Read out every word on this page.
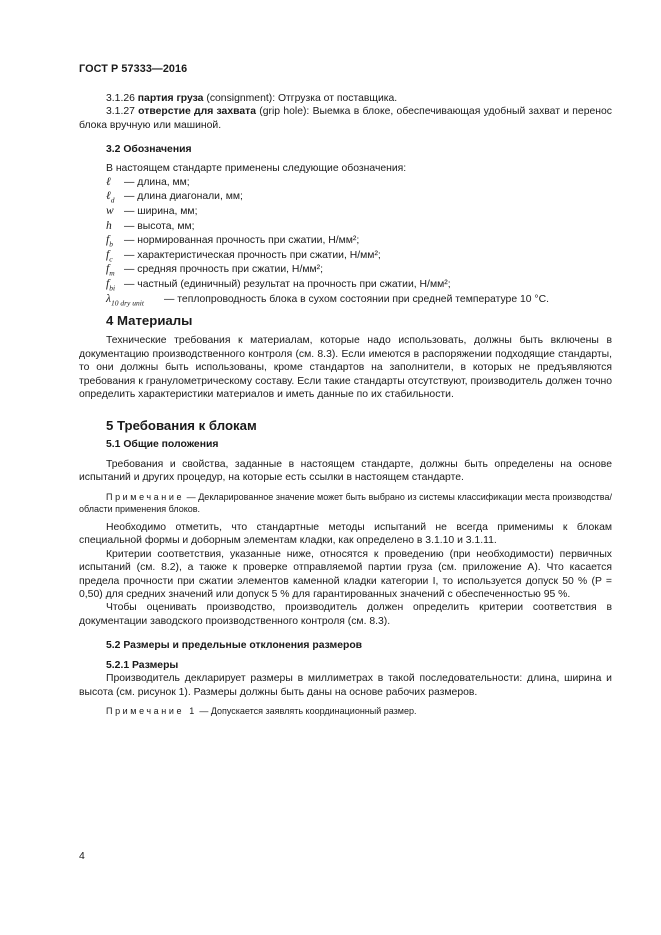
ГОСТ Р 57333—2016

3.1.26 партия груза (consignment): Отгрузка от поставщика.

3.1.27 отверстие для захвата (grip hole): Выемка в блоке, обеспечивающая удобный захват и перенос блока вручную или машиной.

3.2 Обозначения

В настоящем стандарте применены следующие обозначения:

ℓ	— длина, мм;
ℓ$_d$ — длина диагонали, мм;
w — ширина, мм;
h	— высота, мм;
$f_b$	— нормированная прочность при сжатии, Н/мм²;
$f_c$	— характеристическая прочность при сжатии, Н/мм²;
$f_m$ — средняя прочность при сжатии, Н/мм²;
$f_{bi}$ — частный (единичный) результат на прочность при сжатии, Н/мм²;
$\lambda_{10 dry unit}$	— теплопроводность блока в сухом состоянии при средней температуре 10 °С.

4 Материалы

Технические требования к материалам, которые надо использовать, должны быть включены в документацию производственного контроля (см. 8.3). Если имеются в распоряжении подходящие стандарты, то они должны быть использованы, кроме стандартов на заполнители, в которых не предъявляются требования к гранулометрическому составу. Если такие стандарты отсутствуют, производитель должен точно определить характеристики материалов и иметь данные по их стабильности.

5 Требования к блокам

5.1 Общие положения

Требования и свойства, заданные в настоящем стандарте, должны быть определены на основе испытаний и других процедур, на которые есть ссылки в настоящем стандарте.

Примечание — Декларированное значение может быть выбрано из системы классификации места производства/области применения блоков.

Необходимо отметить, что стандартные методы испытаний не всегда применимы к блокам специальной формы и доборным элементам кладки, как определено в 3.1.10 и 3.1.11.

Критерии соответствия, указанные ниже, относятся к проведению (при необходимости) первичных испытаний (см. 8.2), а также к проверке отправляемой партии груза (см. приложение А). Что касается предела прочности при сжатии элементов каменной кладки категории I, то используется допуск 50 % (P = 0,50) для средних значений или допуск 5 % для гарантированных значений с обеспеченностью 95 %.

Чтобы оценивать производство, производитель должен определить критерии соответствия в документации заводского производственного контроля (см. 8.3).

5.2 Размеры и предельные отклонения размеров

5.2.1 Размеры

Производитель декларирует размеры в миллиметрах в такой последовательности: длина, ширина и высота (см. рисунок 1). Размеры должны быть даны на основе рабочих размеров.

Примечание 1 — Допускается заявлять координационный размер.

4
